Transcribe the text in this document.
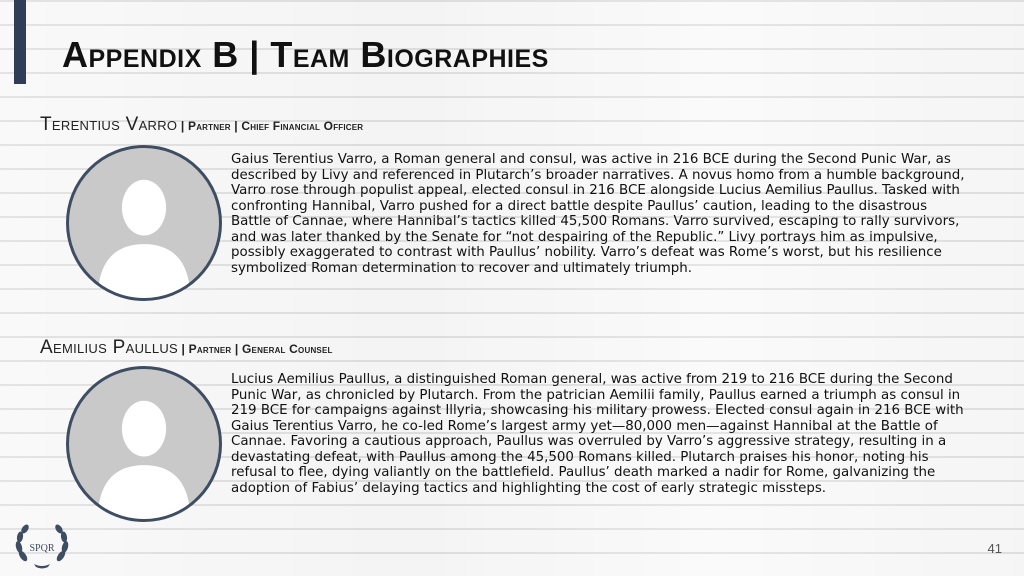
Appendix B | Team Biographies
Terentius Varro | Partner | Chief Financial Officer

Gaius Terentius Varro, a Roman general and consul, was active in 216 BCE during the Second Punic War, as described by Livy and referenced in Plutarch’s broader narratives. A novus homo from a humble background, Varro rose through populist appeal, elected consul in 216 BCE alongside Lucius Aemilius Paullus. Tasked with confronting Hannibal, Varro pushed for a direct battle despite Paullus’ caution, leading to the disastrous Battle of Cannae, where Hannibal’s tactics killed 45,500 Romans. Varro survived, escaping to rally survivors, and was later thanked by the Senate for “not despairing of the Republic.” Livy portrays him as impulsive, possibly exaggerated to contrast with Paullus’ nobility. Varro’s defeat was Rome’s worst, but his resilience symbolized Roman determination to recover and ultimately triumph.

Aemilius Paullus | Partner | General Counsel

Lucius Aemilius Paullus, a distinguished Roman general, was active from 219 to 216 BCE during the Second Punic War, as chronicled by Plutarch. From the patrician Aemilii family, Paullus earned a triumph as consul in 219 BCE for campaigns against Illyria, showcasing his military prowess. Elected consul again in 216 BCE with Gaius Terentius Varro, he co-led Rome’s largest army yet—80,000 men—against Hannibal at the Battle of Cannae. Favoring a cautious approach, Paullus was overruled by Varro’s aggressive strategy, resulting in a devastating defeat, with Paullus among the 45,500 Romans killed. Plutarch praises his honor, noting his refusal to flee, dying valiantly on the battlefield. Paullus’ death marked a nadir for Rome, galvanizing the adoption of Fabius’ delaying tactics and highlighting the cost of early strategic missteps.

SPQR	41
